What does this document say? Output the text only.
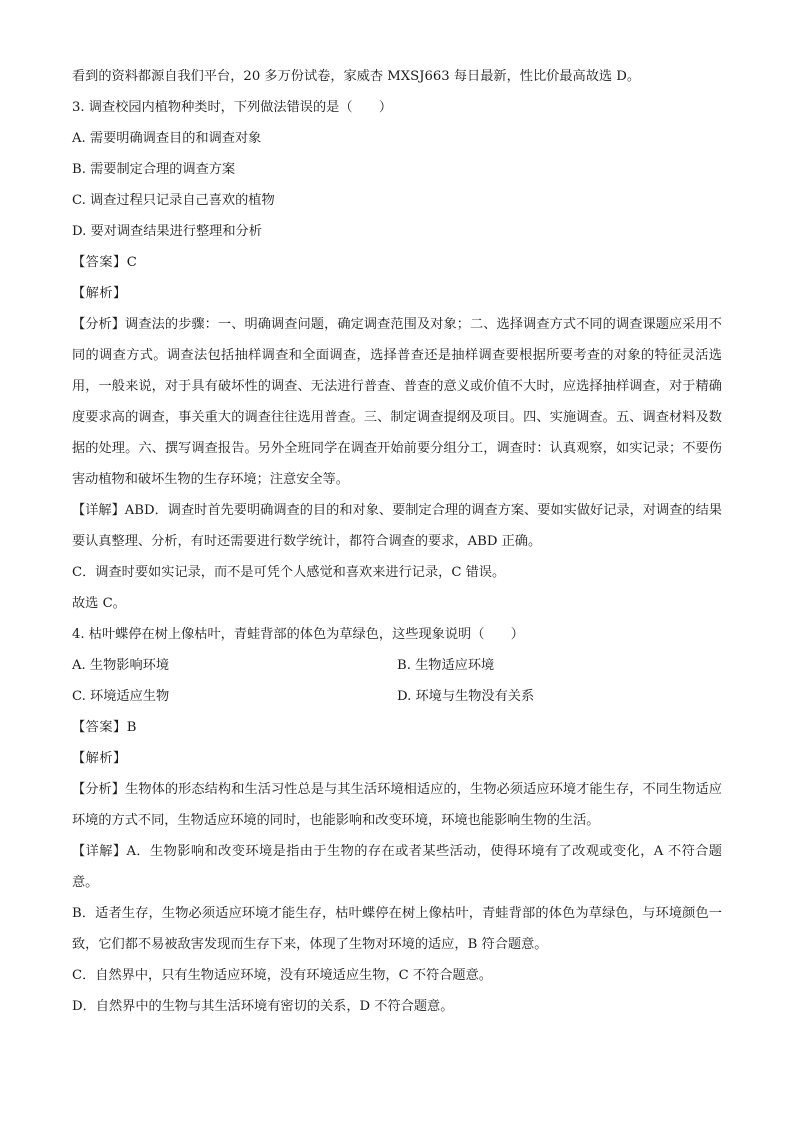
看到的资料都源自我们平台，20 多万份试卷，家威杏 MXSJ663 每日最新，性比价最高故选 D。
3. 调查校园内植物种类时，下列做法错误的是（　　）
A. 需要明确调查目的和调查对象
B. 需要制定合理的调查方案
C. 调查过程只记录自己喜欢的植物
D. 要对调查结果进行整理和分析
【答案】C
【解析】
【分析】调查法的步骤：一、明确调查问题，确定调查范围及对象；二、选择调查方式不同的调查课题应采用不同的调查方式。调查法包括抽样调查和全面调查，选择普查还是抽样调查要根据所要考查的对象的特征灵活选用，一般来说，对于具有破坏性的调查、无法进行普查、普查的意义或价值不大时，应选择抽样调查，对于精确度要求高的调查，事关重大的调查往往选用普查。三、制定调查提纲及项目。四、实施调查。五、调查材料及数据的处理。六、撰写调查报告。另外全班同学在调查开始前要分组分工，调查时：认真观察，如实记录；不要伤害动植物和破坏生物的生存环境；注意安全等。
【详解】ABD．调查时首先要明确调查的目的和对象、要制定合理的调查方案、要如实做好记录，对调查的结果要认真整理、分析，有时还需要进行数学统计，都符合调查的要求，ABD 正确。
C．调查时要如实记录，而不是可凭个人感觉和喜欢来进行记录，C 错误。
故选 C。
4. 枯叶蝶停在树上像枯叶，青蛙背部的体色为草绿色，这些现象说明（　　）
A. 生物影响环境	B. 生物适应环境
C. 环境适应生物	D. 环境与生物没有关系
【答案】B
【解析】
【分析】生物体的形态结构和生活习性总是与其生活环境相适应的，生物必须适应环境才能生存，不同生物适应环境的方式不同，生物适应环境的同时，也能影响和改变环境，环境也能影响生物的生活。
【详解】A．生物影响和改变环境是指由于生物的存在或者某些活动，使得环境有了改观或变化，A 不符合题意。
B．适者生存，生物必须适应环境才能生存，枯叶蝶停在树上像枯叶，青蛙背部的体色为草绿色，与环境颜色一致，它们都不易被敌害发现而生存下来，体现了生物对环境的适应，B 符合题意。
C．自然界中，只有生物适应环境，没有环境适应生物，C 不符合题意。
D．自然界中的生物与其生活环境有密切的关系，D 不符合题意。
